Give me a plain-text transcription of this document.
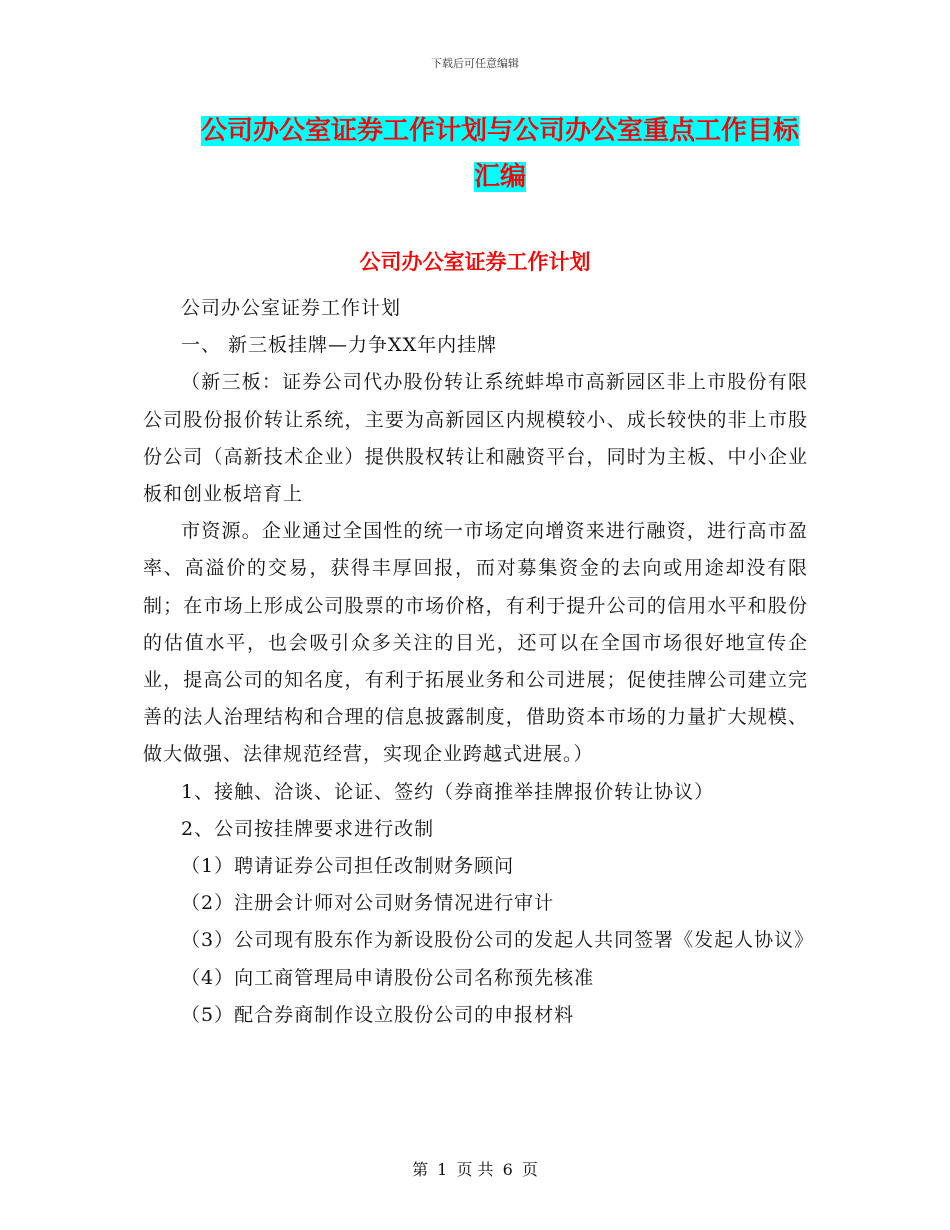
下载后可任意编辑
公司办公室证券工作计划与公司办公室重点工作目标
汇编
公司办公室证券工作计划

公司办公室证券工作计划

一、 新三板挂牌—力争XX年内挂牌

（新三板：证券公司代办股份转让系统蚌埠市高新园区非上市股份有限公司股份报价转让系统，主要为高新园区内规模较小、成长较快的非上市股份公司（高新技术企业）提供股权转让和融资平台，同时为主板、中小企业板和创业板培育上

市资源。企业通过全国性的统一市场定向增资来进行融资，进行高市盈率、高溢价的交易，获得丰厚回报，而对募集资金的去向或用途却没有限制；在市场上形成公司股票的市场价格，有利于提升公司的信用水平和股份的估值水平，也会吸引众多关注的目光，还可以在全国市场很好地宣传企业，提高公司的知名度，有利于拓展业务和公司进展；促使挂牌公司建立完善的法人治理结构和合理的信息披露制度，借助资本市场的力量扩大规模、做大做强、法律规范经营，实现企业跨越式进展。）

1、接触、洽谈、论证、签约（券商推举挂牌报价转让协议）

2、公司按挂牌要求进行改制

（1）聘请证券公司担任改制财务顾问

（2）注册会计师对公司财务情况进行审计

（3）公司现有股东作为新设股份公司的发起人共同签署《发起人协议》

（4）向工商管理局申请股份公司名称预先核准

（5）配合券商制作设立股份公司的申报材料

第 1 页 共 6 页
